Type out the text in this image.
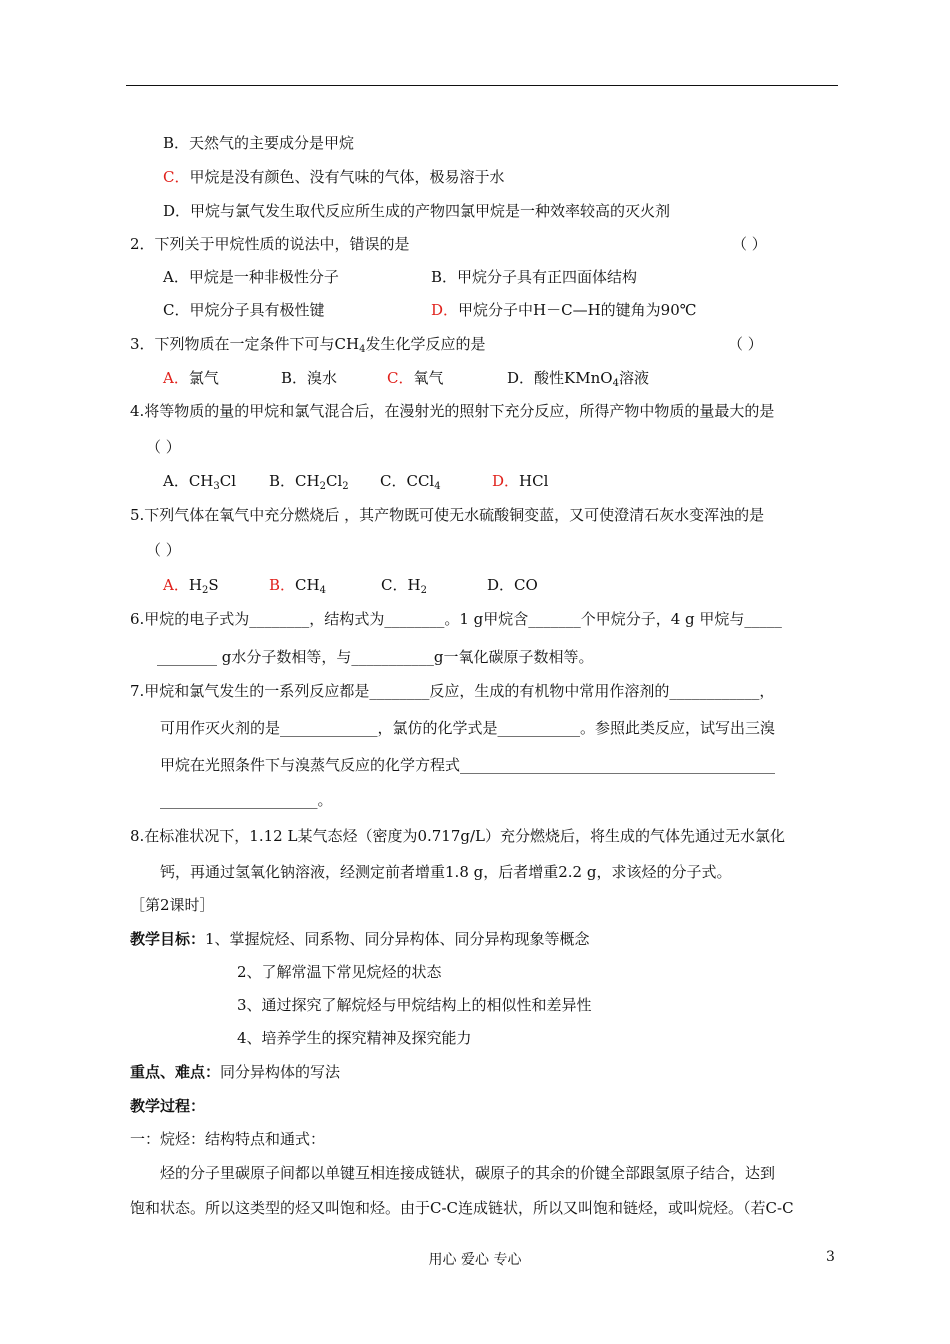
B．天然气的主要成分是甲烷
C．甲烷是没有颜色、没有气味的气体，极易溶于水
D．甲烷与氯气发生取代反应所生成的产物四氯甲烷是一种效率较高的灭火剂
2．下列关于甲烷性质的说法中，错误的是	（ ）
A．甲烷是一种非极性分子	B．甲烷分子具有正四面体结构
C．甲烷分子具有极性键	D．甲烷分子中H－C—H的键角为90℃
3．下列物质在一定条件下可与$CH_4$发生化学反应的是	（ ）
A．氯气	B．溴水	C．氧气	D．酸性KMnO$_4$溶液
4.将等物质的量的甲烷和氯气混合后，在漫射光的照射下充分反应，所得产物中物质的量最大的是
（ ）
A．$CH_3Cl$ B．$CH_2Cl_2$ C．CCl$_4$	D．HCl
5.下列气体在氧气中充分燃烧后 ，其产物既可使无水硫酸铜变蓝，又可使澄清石灰水变浑浊的是
（ ）
A．$H_2S$	B．$CH_4$	C．$H_2$	D．CO
6.甲烷的电子式为________，结构式为________。1 g甲烷含_______个甲烷分子，4 g 甲烷与_____
________ g水分子数相等，与___________g一氧化碳原子数相等。
7.甲烷和氯气发生的一系列反应都是________反应，生成的有机物中常用作溶剂的____________，
可用作灭火剂的是_____________，氯仿的化学式是___________。参照此类反应，试写出三溴
甲烷在光照条件下与溴蒸气反应的化学方程式__________________________________________
_____________________。
8.在标准状况下，1.12 L某气态烃（密度为0.717g/L）充分燃烧后，将生成的气体先通过无水氯化
钙，再通过氢氧化钠溶液，经测定前者增重1.8 g，后者增重2.2 g，求该烃的分子式。
［第2课时］
教学目标：1、掌握烷烃、同系物、同分异构体、同分异构现象等概念
2、了解常温下常见烷烃的状态
3、通过探究了解烷烃与甲烷结构上的相似性和差异性
4、培养学生的探究精神及探究能力
重点、难点：同分异构体的写法
教学过程：
一：烷烃：结构特点和通式：
烃的分子里碳原子间都以单键互相连接成链状，碳原子的其余的价键全部跟氢原子结合，达到
饱和状态。所以这类型的烃又叫饱和烃。由于C-C连成链状，所以又叫饱和链烃，或叫烷烃。（若C-C
用心 爱心 专心	3
